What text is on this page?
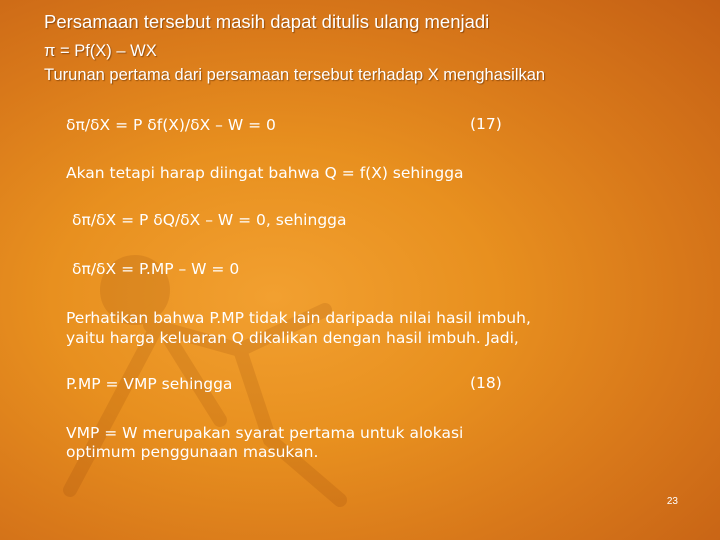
Persamaan tersebut masih dapat ditulis ulang menjadi
π = Pf(X) – WX
Turunan pertama dari persamaan tersebut terhadap X menghasilkan
δπ/δX = P δf(X)/δX – W = 0	(17)
Akan tetapi harap diingat bahwa Q = f(X) sehingga
δπ/δX = P δQ/δX – W = 0, sehingga
δπ/δX = P.MP – W = 0
Perhatikan bahwa P.MP tidak lain daripada nilai hasil imbuh,
yaitu harga keluaran Q dikalikan dengan hasil imbuh. Jadi,
P.MP = VMP sehingga	(18)
VMP = W merupakan syarat pertama untuk alokasi
optimum penggunaan masukan.
23
